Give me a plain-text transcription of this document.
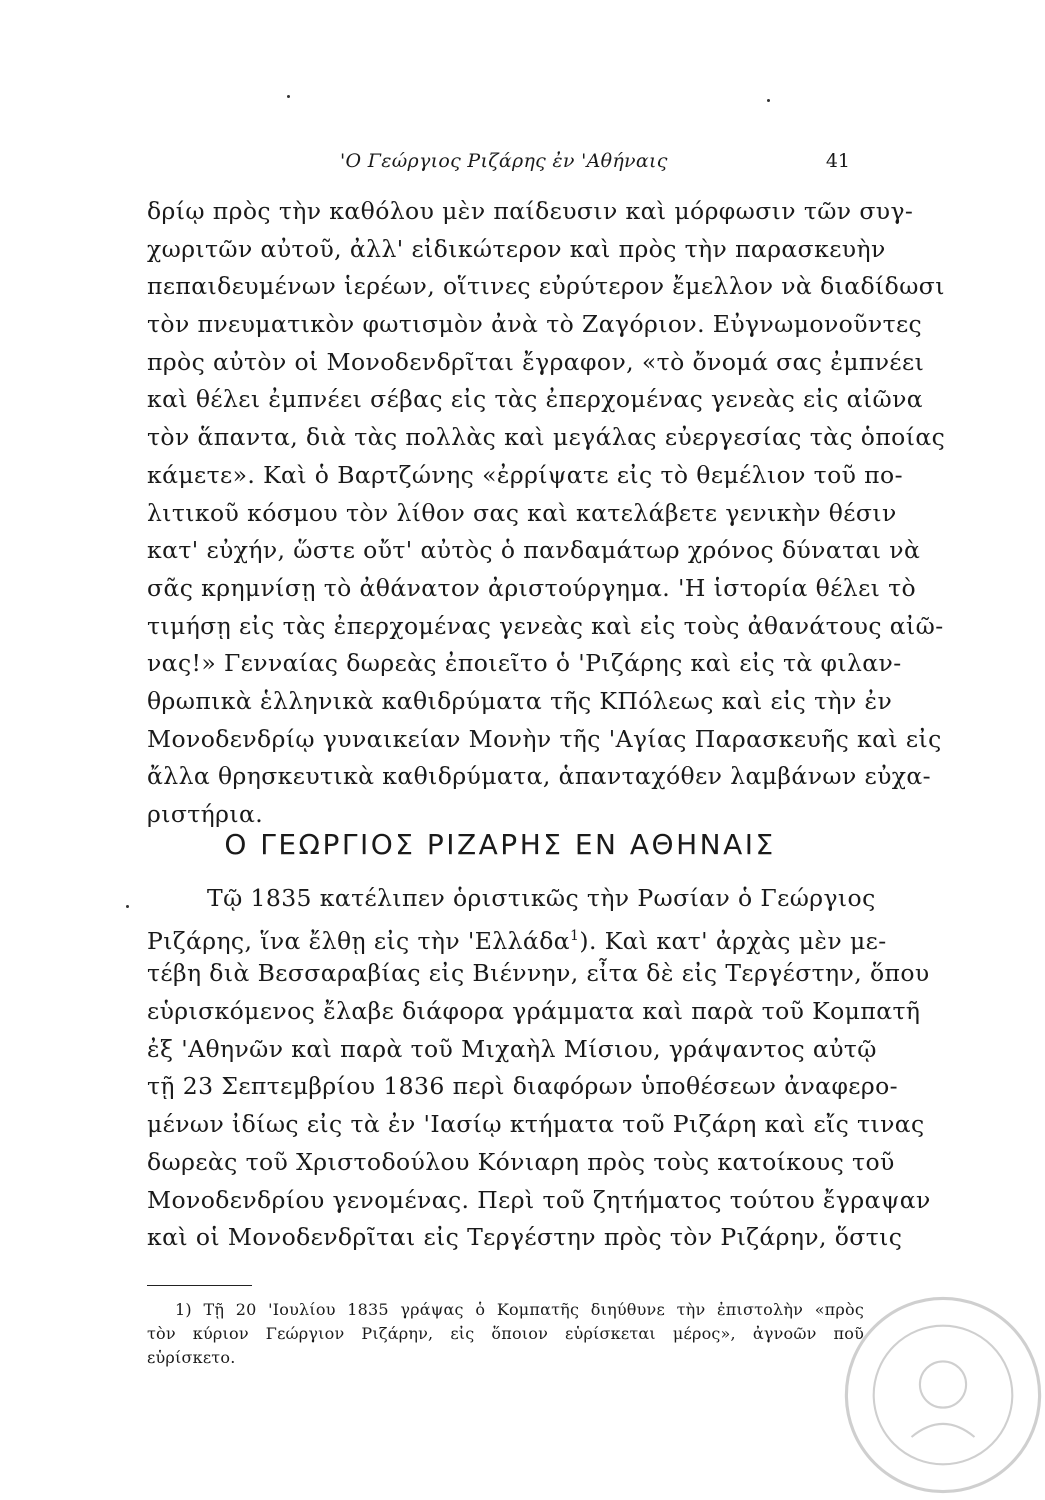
'Ο Γεώργιος Ριζάρης ἐν 'Αθήναις	41
δρίῳ πρὸς τὴν καθόλου μὲν παίδευσιν καὶ μόρφωσιν τῶν συγ-
χωριτῶν αὐτοῦ, ἀλλ' εἰδικώτερον καὶ πρὸς τὴν παρασκευὴν
πεπαιδευμένων ἱερέων, οἵτινες εὐρύτερον ἔμελλον νὰ διαδίδωσι
τὸν πνευματικὸν φωτισμὸν ἀνὰ τὸ Ζαγόριον. Εὐγνωμονοῦντες
πρὸς αὐτὸν οἱ Μονοδενδρῖται ἔγραφον, «τὸ ὄνομά σας ἐμπνέει
καὶ θέλει ἐμπνέει σέβας εἰς τὰς ἐπερχομένας γενεὰς εἰς αἰῶνα
τὸν ἅπαντα, διὰ τὰς πολλὰς καὶ μεγάλας εὐεργεσίας τὰς ὁποίας
κάμετε». Καὶ ὁ Βαρτζώνης «ἐρρίψατε εἰς τὸ θεμέλιον τοῦ πο-
λιτικοῦ κόσμου τὸν λίθον σας καὶ κατελάβετε γενικὴν θέσιν
κατ' εὐχήν, ὥστε οὔτ' αὐτὸς ὁ πανδαμάτωρ χρόνος δύναται νὰ
σᾶς κρημνίσῃ τὸ ἀθάνατον ἀριστούργημα. 'Η ἱστορία θέλει τὸ
τιμήσῃ εἰς τὰς ἐπερχομένας γενεὰς καὶ εἰς τοὺς ἀθανάτους αἰῶ-
νας!» Γενναίας δωρεὰς ἐποιεῖτο ὁ 'Ριζάρης καὶ εἰς τὰ φιλαν-
θρωπικὰ ἑλληνικὰ καθιδρύματα τῆς ΚΠόλεως καὶ εἰς τὴν ἐν
Μονοδενδρίῳ γυναικείαν Μονὴν τῆς 'Αγίας Παρασκευῆς καὶ εἰς
ἄλλα θρησκευτικὰ καθιδρύματα, ἁπανταχόθεν λαμβάνων εὐχα-
ριστήρια.
Ο ΓΕΩΡΓΙΟΣ ΡΙΖΑΡΗΣ ΕΝ ΑΘΗΝΑΙΣ
Τῷ 1835 κατέλιπεν ὁριστικῶς τὴν Ρωσίαν ὁ Γεώργιος
Ριζάρης, ἵνα ἔλθῃ εἰς τὴν 'Ελλάδα$^1$). Καὶ κατ' ἀρχὰς μὲν με-
τέβη διὰ Βεσσαραβίας εἰς Βιέννην, εἶτα δὲ εἰς Τεργέστην, ὅπου
εὑρισκόμενος ἔλαβε διάφορα γράμματα καὶ παρὰ τοῦ Κομπατῆ
ἐξ 'Αθηνῶν καὶ παρὰ τοῦ Μιχαὴλ Μίσιου, γράψαντος αὐτῷ
τῇ 23 Σεπτεμβρίου 1836 περὶ διαφόρων ὑποθέσεων ἀναφερο-
μένων ἰδίως εἰς τὰ ἐν 'Ιασίῳ κτήματα τοῦ Ριζάρη καὶ εἴς τινας
δωρεὰς τοῦ Χριστοδούλου Κόνιαρη πρὸς τοὺς κατοίκους τοῦ
Μονοδενδρίου γενομένας. Περὶ τοῦ ζητήματος τούτου ἔγραψαν
καὶ οἱ Μονοδενδρῖται εἰς Τεργέστην πρὸς τὸν Ριζάρην, ὅστις
1) Τῇ 20 'Ιουλίου 1835 γράψας ὁ Κομπατῆς διηύθυνε τὴν ἐπιστολὴν «πρὸς
τὸν κύριον Γεώργιον Ριζάρην, εἰς ὅποιον εὑρίσκεται μέρος», ἀγνοῶν ποῦ
εὑρίσκετο.
